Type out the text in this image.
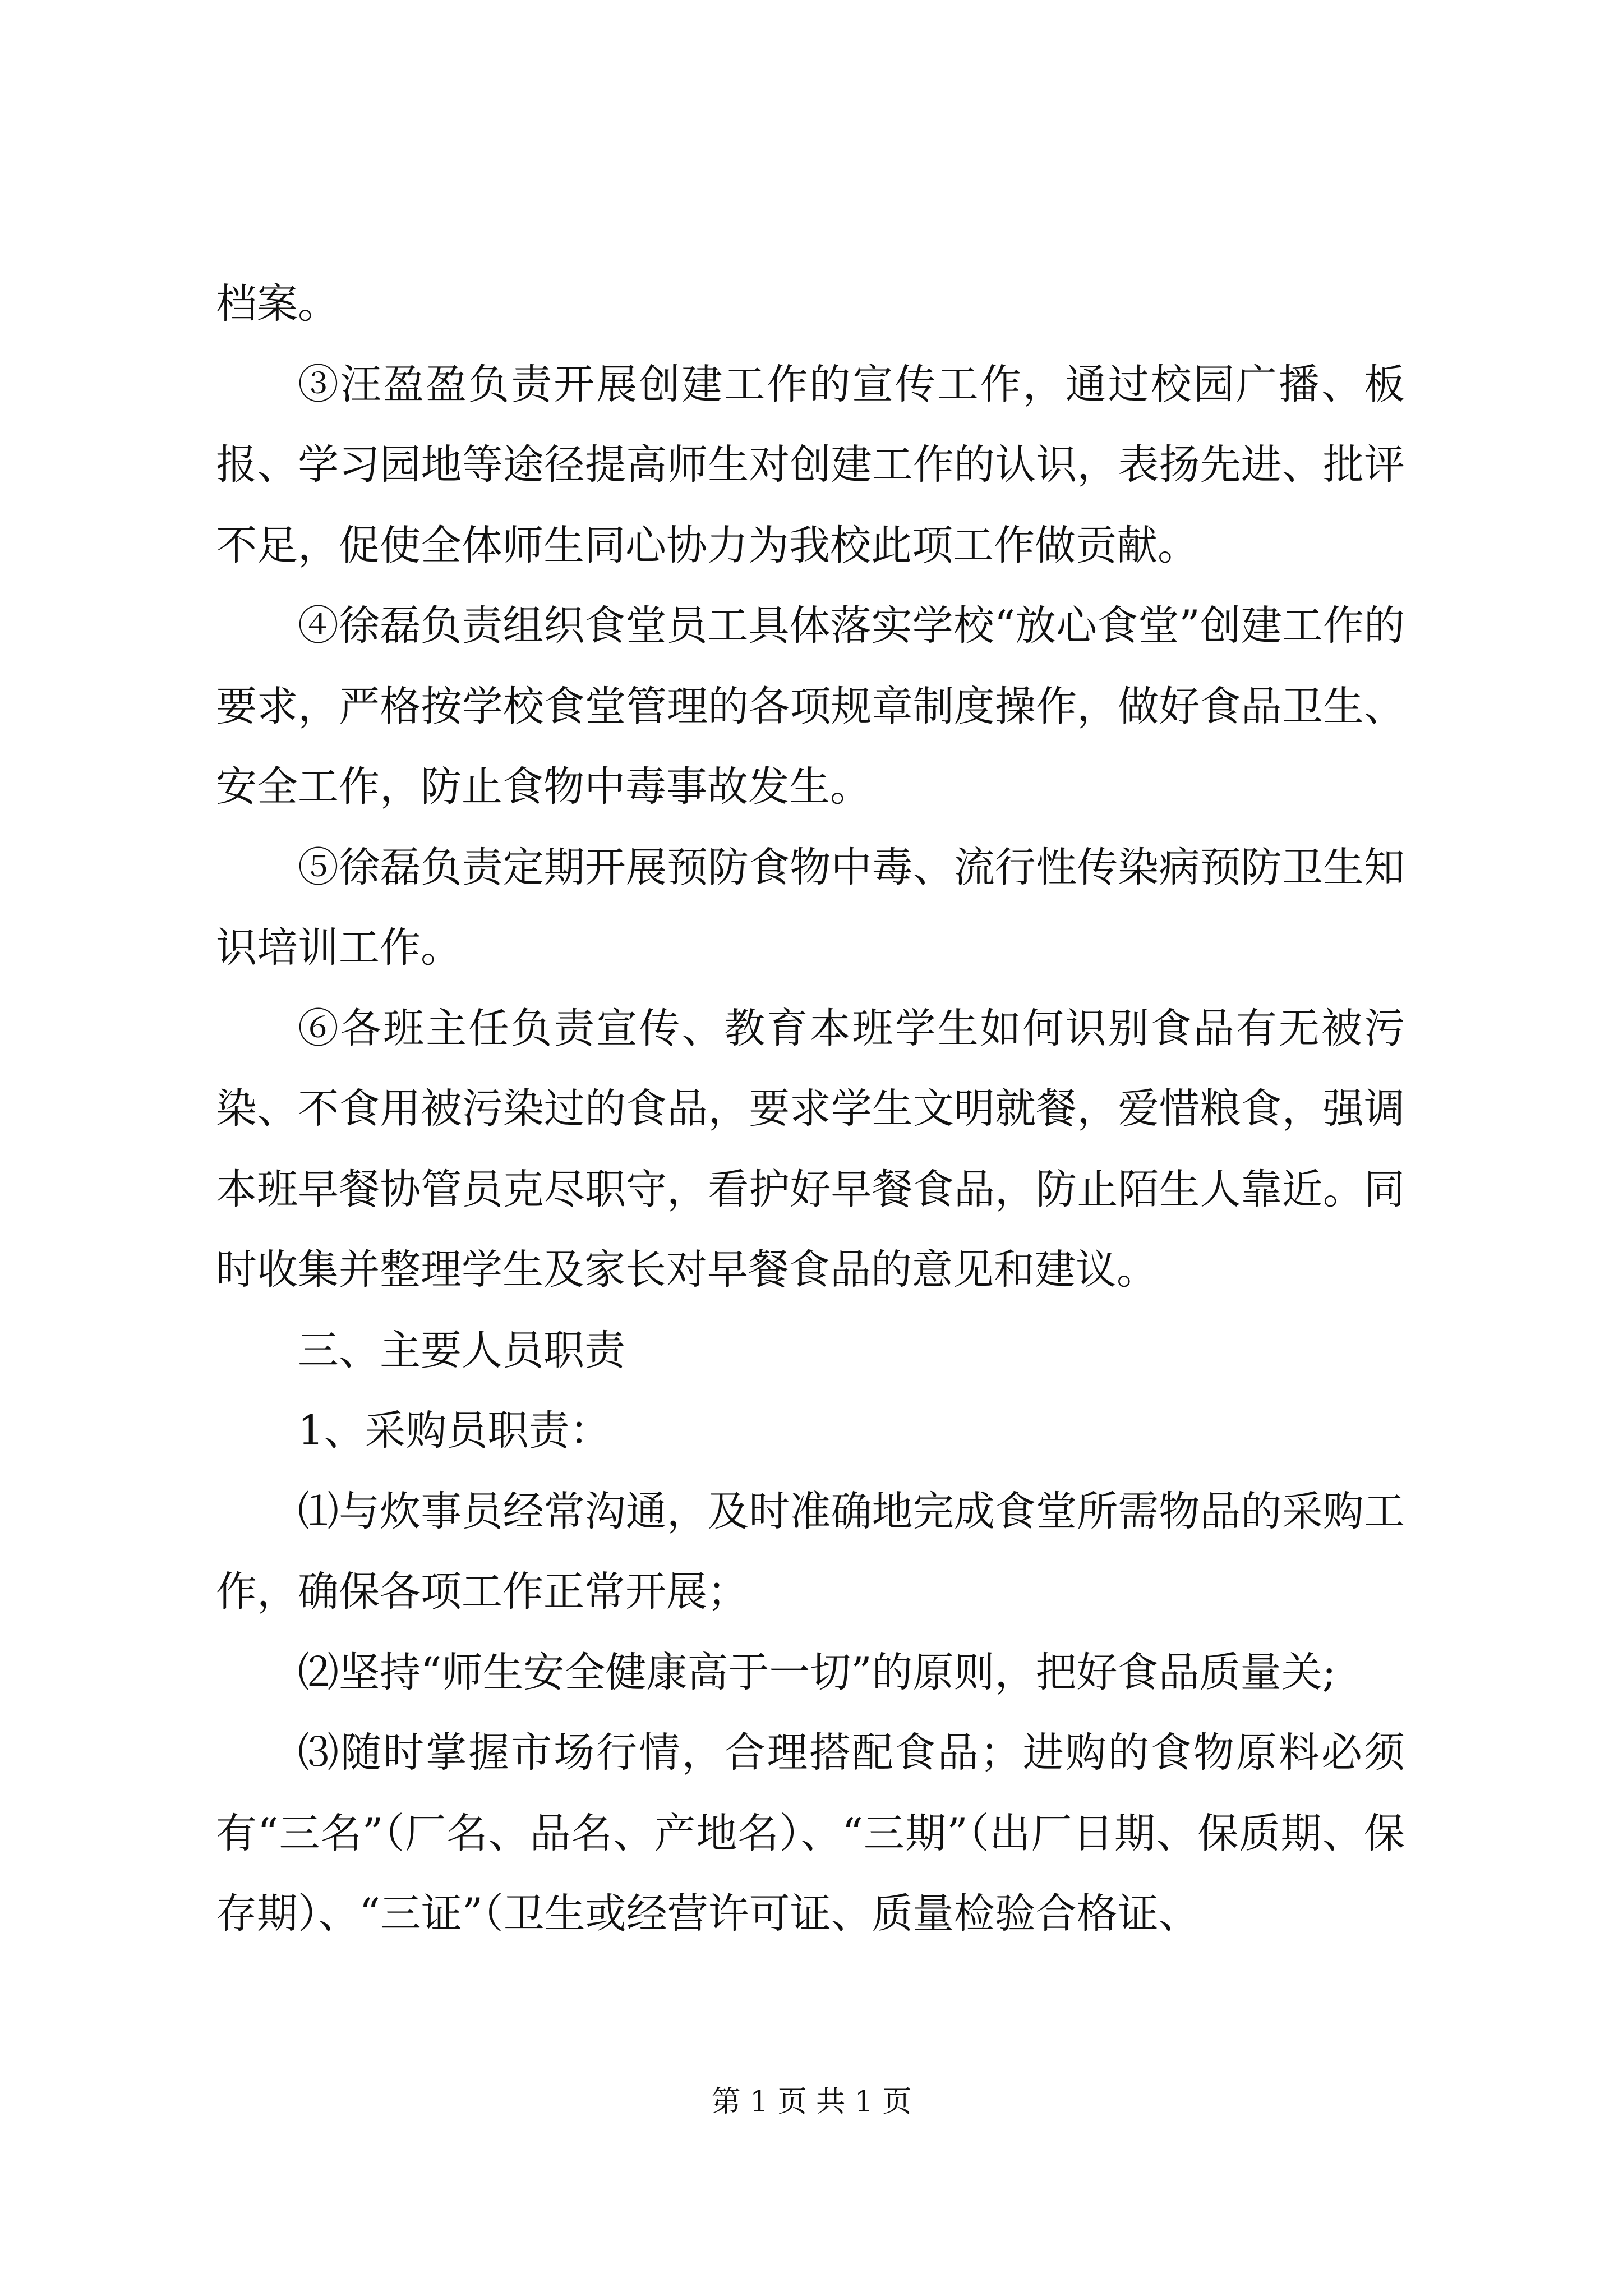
档案。

③汪盈盈负责开展创建工作的宣传工作，通过校园广播、板报、学习园地等途径提高师生对创建工作的认识，表扬先进、批评不足，促使全体师生同心协力为我校此项工作做贡献。

④徐磊负责组织食堂员工具体落实学校“放心食堂”创建工作的要求，严格按学校食堂管理的各项规章制度操作，做好食品卫生、安全工作，防止食物中毒事故发生。

⑤徐磊负责定期开展预防食物中毒、流行性传染病预防卫生知识培训工作。

⑥各班主任负责宣传、教育本班学生如何识别食品有无被污染、不食用被污染过的食品，要求学生文明就餐，爱惜粮食，强调本班早餐协管员克尽职守，看护好早餐食品，防止陌生人靠近。同时收集并整理学生及家长对早餐食品的意见和建议。

三、主要人员职责

1、采购员职责：

⑴与炊事员经常沟通，及时准确地完成食堂所需物品的采购工作，确保各项工作正常开展；

⑵坚持“师生安全健康高于一切”的原则，把好食品质量关;

⑶随时掌握市场行情，合理搭配食品；进购的食物原料必须有“三名”（厂名、品名、产地名）、“三期”（出厂日期、保质期、保存期）、“三证”（卫生或经营许可证、质量检验合格证、

第 1 页 共 1 页
